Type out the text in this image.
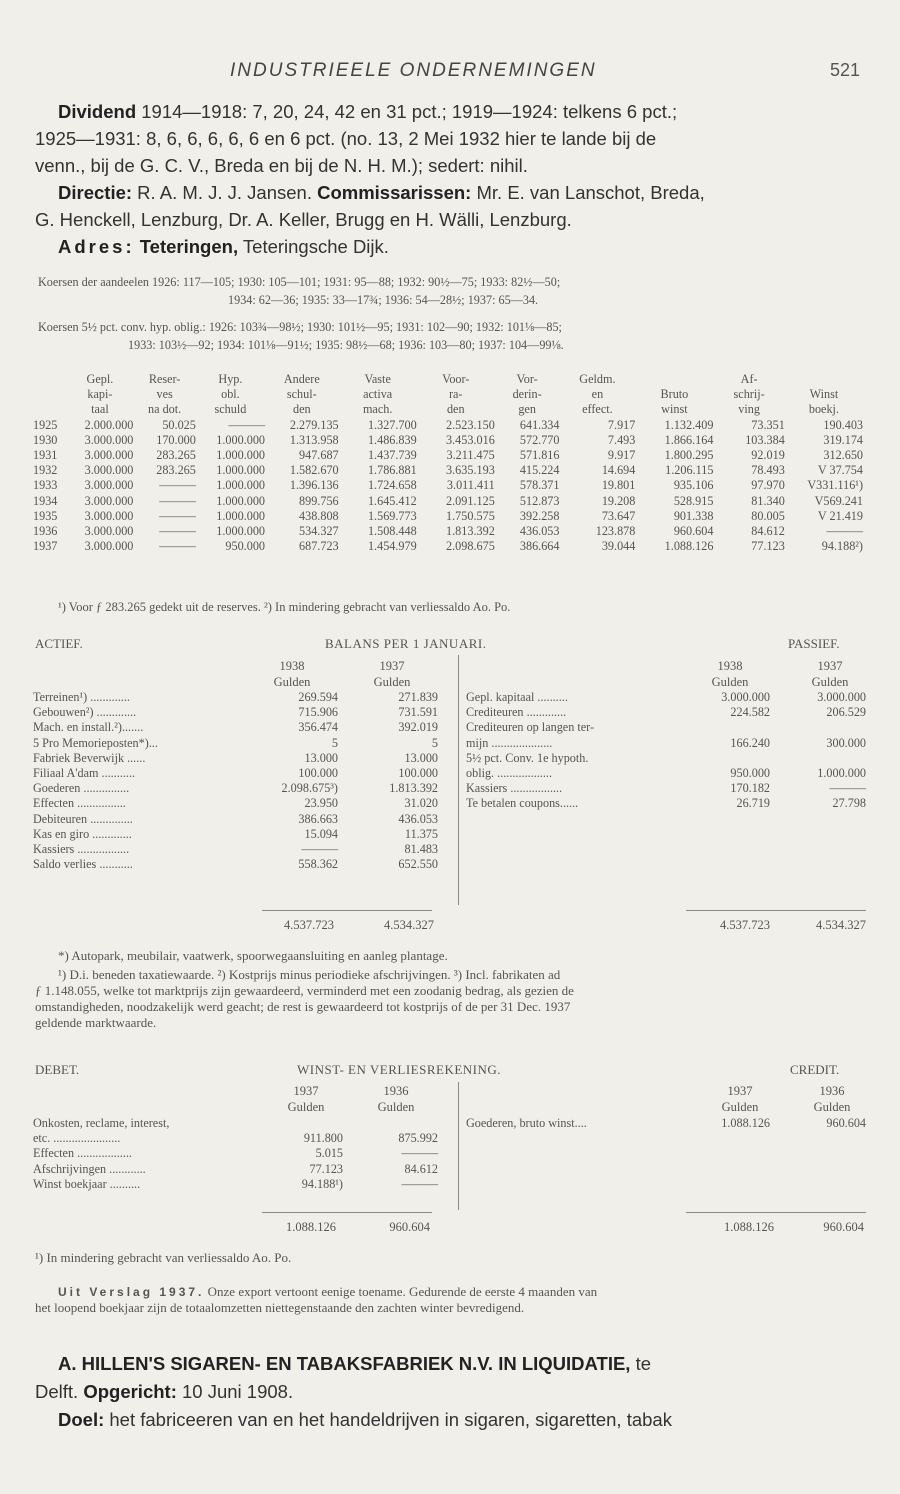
INDUSTRIEELE ONDERNEMINGEN	521
Dividend 1914—1918: 7, 20, 24, 42 en 31 pct.; 1919—1924: telkens 6 pct.;
1925—1931: 8, 6, 6, 6, 6, 6 en 6 pct. (no. 13, 2 Mei 1932 hier te lande bij de
venn., bij de G. C. V., Breda en bij de N. H. M.); sedert: nihil.
Directie: R. A. M. J. J. Jansen. Commissarissen: Mr. E. van Lanschot, Breda,
G. Henckell, Lenzburg, Dr. A. Keller, Brugg en H. Wälli, Lenzburg.
Adres: Teteringen, Teteringsche Dijk.
Koersen der aandeelen 1926: 117—105; 1930: 105—101; 1931: 95—88; 1932: 90½—75; 1933: 82½—50;
1934: 62—36; 1935: 33—17¾; 1936: 54—28½; 1937: 65—34.
Koersen 5½ pct. conv. hyp. oblig.: 1926: 103¾—98½; 1930: 101½—95; 1931: 102—90; 1932: 101⅛—85;
1933: 103½—92; 1934: 101⅛—91½; 1935: 98½—68; 1936: 103—80; 1937: 104—99⅛.
	Gepl.	Reser-	Hyp.	Andere	Vaste	Voor-	Vor-	Geldm.		Af-	
	kapi-	ves	obl.	schul-	activa	ra-	derin-	en	Bruto	schrij-	Winst
	taal	na dot.	schuld	den	mach.	den	gen	effect.	winst	ving	boekj.
1925	2.000.000	50.025	———	2.279.135	1.327.700	2.523.150	641.334	7.917	1.132.409	73.351	190.403
1930	3.000.000	170.000	1.000.000	1.313.958	1.486.839	3.453.016	572.770	7.493	1.866.164	103.384	319.174
1931	3.000.000	283.265	1.000.000	947.687	1.437.739	3.211.475	571.816	9.917	1.800.295	92.019	312.650
1932	3.000.000	283.265	1.000.000	1.582.670	1.786.881	3.635.193	415.224	14.694	1.206.115	78.493	V 37.754
1933	3.000.000	———	1.000.000	1.396.136	1.724.658	3.011.411	578.371	19.801	935.106	97.970	V331.116¹)
1934	3.000.000	———	1.000.000	899.756	1.645.412	2.091.125	512.873	19.208	528.915	81.340	V569.241
1935	3.000.000	———	1.000.000	438.808	1.569.773	1.750.575	392.258	73.647	901.338	80.005	V 21.419
1936	3.000.000	———	1.000.000	534.327	1.508.448	1.813.392	436.053	123.878	960.604	84.612	———
1937	3.000.000	———	950.000	687.723	1.454.979	2.098.675	386.664	39.044	1.088.126	77.123	94.188²)
¹) Voor ƒ 283.265 gedekt uit de reserves. ²) In mindering gebracht van verliessaldo Ao. Po.
ACTIEF.	BALANS PER 1 JANUARI.	PASSIEF.
1938	1937
Gulden	Gulden
1938	1937
Gulden	Gulden
Terreinen¹) .............	269.594	271.839
Gebouwen²) .............	715.906	731.591
Mach. en install.²).......	356.474	392.019
5 Pro Memorieposten*)...	5	5
Fabriek Beverwijk ......	13.000	13.000
Filiaal A'dam ...........	100.000	100.000
Goederen ...............	2.098.675³)	1.813.392
Effecten ................	23.950	31.020
Debiteuren ..............	386.663	436.053
Kas en giro .............	15.094	11.375
Kassiers .................	———	81.483
Saldo verlies ...........	558.362	652.550
Gepl. kapitaal ..........	3.000.000	3.000.000
Crediteuren .............	224.582	206.529
Crediteuren op langen ter-		
mijn ....................	166.240	300.000
5½ pct. Conv. 1e hypoth.		
oblig. ..................	950.000	1.000.000
Kassiers .................	170.182	———
Te betalen coupons......	26.719	27.798
4.537.723	4.534.327	4.537.723	4.534.327
*) Autopark, meubilair, vaatwerk, spoorwegaansluiting en aanleg plantage.
¹) D.i. beneden taxatiewaarde. ²) Kostprijs minus periodieke afschrijvingen. ³) Incl. fabrikaten ad
ƒ 1.148.055, welke tot marktprijs zijn gewaardeerd, verminderd met een zoodanig bedrag, als gezien de
omstandigheden, noodzakelijk werd geacht; de rest is gewaardeerd tot kostprijs of de per 31 Dec. 1937
geldende marktwaarde.
DEBET.	WINST- EN VERLIESREKENING.	CREDIT.
1937	1936
Gulden	Gulden
1937	1936
Gulden	Gulden
Onkosten, reclame, interest,		
etc. ......................	911.800	875.992
Effecten ..................	5.015	———
Afschrijvingen ............	77.123	84.612
Winst boekjaar ..........	94.188¹)	———
Goederen, bruto winst....	1.088.126	960.604
1.088.126	960.604	1.088.126	960.604
¹) In mindering gebracht van verliessaldo Ao. Po.
Uit Verslag 1937. Onze export vertoont eenige toename. Gedurende de eerste 4 maanden van
het loopend boekjaar zijn de totaalomzetten niettegenstaande den zachten winter bevredigend.
A. HILLEN'S SIGAREN- EN TABAKSFABRIEK N.V. IN LIQUIDATIE, te
Delft. Opgericht: 10 Juni 1908.
Doel: het fabriceeren van en het handeldrijven in sigaren, sigaretten, tabak
